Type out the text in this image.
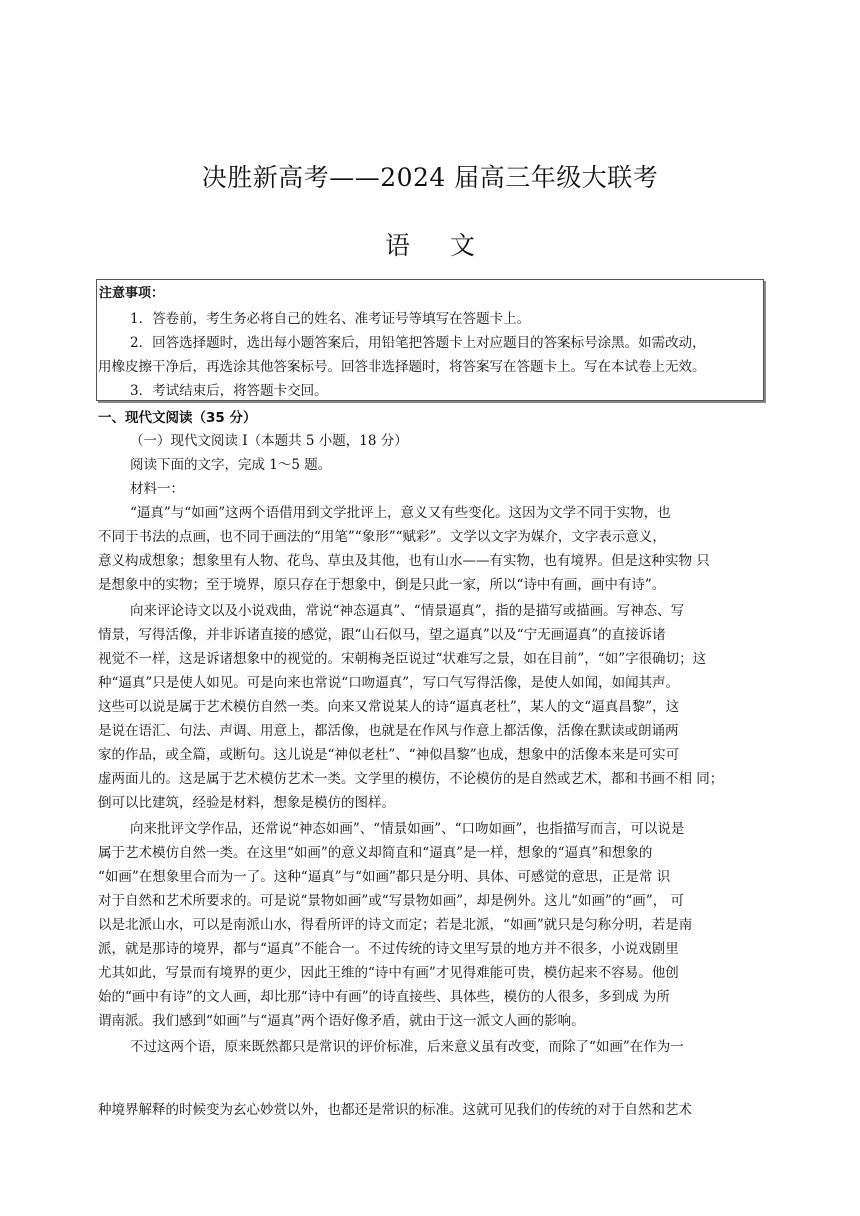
决胜新高考——2024 届高三年级大联考
语文
注意事项：
1．答卷前，考生务必将自己的姓名、准考证号等填写在答题卡上。
2．回答选择题时，选出每小题答案后，用铅笔把答题卡上对应题目的答案标号涂黑。如需改动，
用橡皮擦干净后，再选涂其他答案标号。回答非选择题时，将答案写在答题卡上。写在本试卷上无效。
3．考试结束后，将答题卡交回。
一、现代文阅读（35 分）
（一）现代文阅读 I（本题共 5 小题，18 分）
阅读下面的文字，完成 1～5 题。
材料一：
“逼真”与“如画”这两个语借用到文学批评上，意义又有些变化。这因为文学不同于实物，也
不同于书法的点画，也不同于画法的“用笔”“象形”“赋彩”。文学以文字为媒介，文字表示意义，
意义构成想象；想象里有人物、花鸟、草虫及其他，也有山水——有实物，也有境界。但是这种实物 只
是想象中的实物；至于境界，原只存在于想象中，倒是只此一家，所以“诗中有画，画中有诗”。
向来评论诗文以及小说戏曲，常说“神态逼真”、“情景逼真”，指的是描写或描画。写神态、写
情景，写得活像，并非诉诸直接的感觉，跟“山石似马，望之逼真”以及“宁无画逼真”的直接诉诸
视觉不一样，这是诉诸想象中的视觉的。宋朝梅尧臣说过“状难写之景，如在目前”，“如”字很确切；这
种“逼真”只是使人如见。可是向来也常说“口吻逼真”，写口气写得活像，是使人如闻，如闻其声。
这些可以说是属于艺术模仿自然一类。向来又常说某人的诗“逼真老杜”，某人的文“逼真昌黎”，这
是说在语汇、句法、声调、用意上，都活像，也就是在作风与作意上都活像，活像在默读或朗诵两
家的作品，或全篇，或断句。这儿说是“神似老杜”、“神似昌黎”也成，想象中的活像本来是可实可
虚两面儿的。这是属于艺术模仿艺术一类。文学里的模仿，不论模仿的是自然或艺术，都和书画不相 同；
倒可以比建筑，经验是材料，想象是模仿的图样。
向来批评文学作品，还常说“神态如画”、“情景如画”、“口吻如画”，也指描写而言，可以说是
属于艺术模仿自然一类。在这里“如画”的意义却简直和“逼真”是一样，想象的“逼真”和想象的
“如画”在想象里合而为一了。这种“逼真”与“如画”都只是分明、具体、可感觉的意思，正是常 识
对于自然和艺术所要求的。可是说“景物如画”或“写景物如画”，却是例外。这儿“如画”的“画”， 可
以是北派山水，可以是南派山水，得看所评的诗文而定；若是北派，“如画”就只是匀称分明，若是南
派，就是那诗的境界，都与“逼真”不能合一。不过传统的诗文里写景的地方并不很多，小说戏剧里
尤其如此，写景而有境界的更少，因此王维的“诗中有画”才见得难能可贵，模仿起来不容易。他创
始的“画中有诗”的文人画，却比那“诗中有画”的诗直接些、具体些，模仿的人很多，多到成 为所
谓南派。我们感到“如画”与“逼真”两个语好像矛盾，就由于这一派文人画的影响。
不过这两个语，原来既然都只是常识的评价标准，后来意义虽有改变，而除了“如画”在作为一
种境界解释的时候变为玄心妙赏以外，也都还是常识的标准。这就可见我们的传统的对于自然和艺术
